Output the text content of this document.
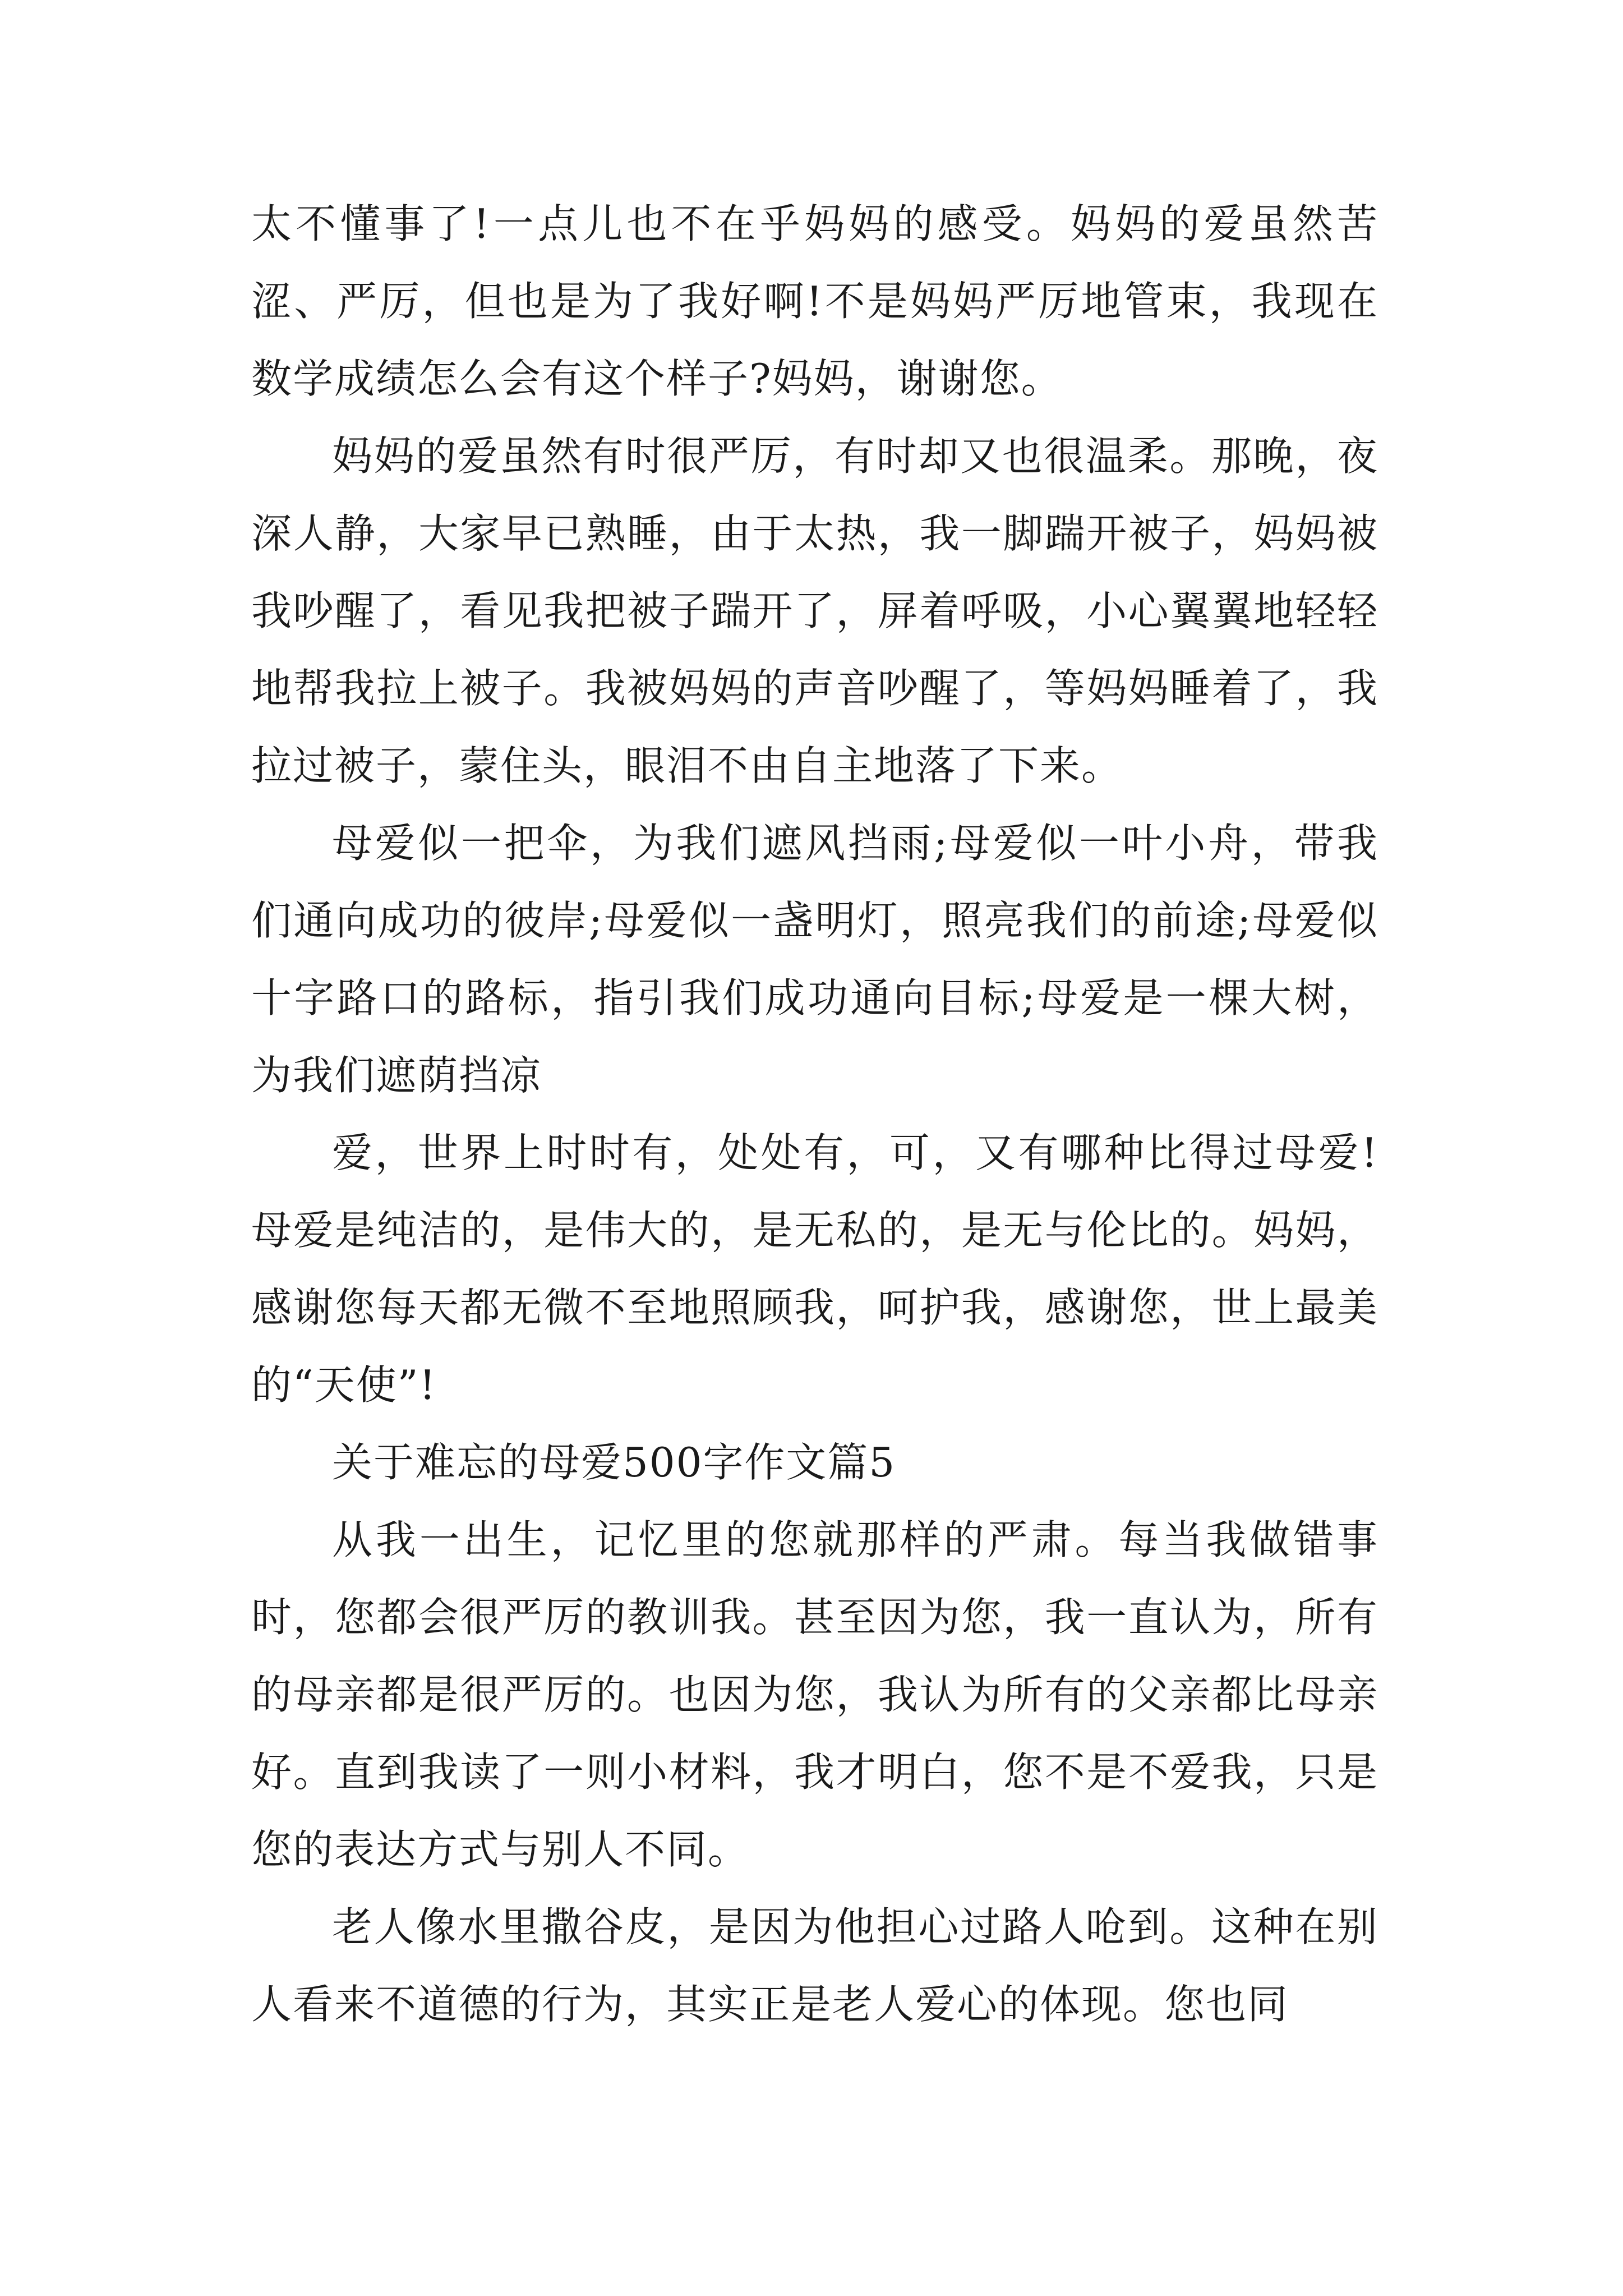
太不懂事了!一点儿也不在乎妈妈的感受。妈妈的爱虽然苦涩、严厉，但也是为了我好啊!不是妈妈严厉地管束，我现在数学成绩怎么会有这个样子?妈妈，谢谢您。

妈妈的爱虽然有时很严厉，有时却又也很温柔。那晚，夜深人静，大家早已熟睡，由于太热，我一脚踹开被子，妈妈被我吵醒了，看见我把被子踹开了，屏着呼吸，小心翼翼地轻轻地帮我拉上被子。我被妈妈的声音吵醒了，等妈妈睡着了，我拉过被子，蒙住头，眼泪不由自主地落了下来。

母爱似一把伞，为我们遮风挡雨;母爱似一叶小舟，带我们通向成功的彼岸;母爱似一盏明灯，照亮我们的前途;母爱似十字路口的路标，指引我们成功通向目标;母爱是一棵大树，为我们遮荫挡凉

爱，世界上时时有，处处有，可，又有哪种比得过母爱!母爱是纯洁的，是伟大的，是无私的，是无与伦比的。妈妈，感谢您每天都无微不至地照顾我，呵护我，感谢您，世上最美的“天使”!

关于难忘的母爱500字作文篇5

从我一出生，记忆里的您就那样的严肃。每当我做错事时，您都会很严厉的教训我。甚至因为您，我一直认为，所有的母亲都是很严厉的。也因为您，我认为所有的父亲都比母亲好。直到我读了一则小材料，我才明白，您不是不爱我，只是您的表达方式与别人不同。

老人像水里撒谷皮，是因为他担心过路人呛到。这种在别人看来不道德的行为，其实正是老人爱心的体现。您也同
